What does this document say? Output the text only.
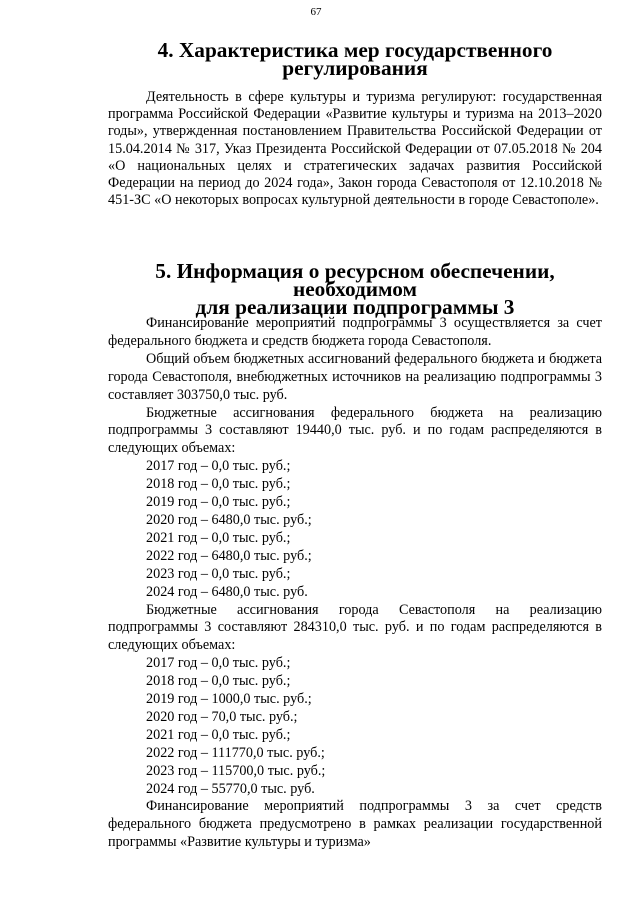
67
4. Характеристика мер государственного регулирования

Деятельность в сфере культуры и туризма регулируют: государственная программа Российской Федерации «Развитие культуры и туризма на 2013–2020 годы», утвержденная постановлением Правительства Российской Федерации от 15.04.2014 № 317, Указ Президента Российской Федерации от 07.05.2018 № 204 «О национальных целях и стратегических задачах развития Российской Федерации на период до 2024 года», Закон города Севастополя от 12.10.2018 № 451-ЗС «О некоторых вопросах культурной деятельности в городе Севастополе».

5. Информация о ресурсном обеспечении, необходимом
для реализации подпрограммы 3

Финансирование мероприятий подпрограммы 3 осуществляется за счет федерального бюджета и средств бюджета города Севастополя.

Общий объем бюджетных ассигнований федерального бюджета и бюджета города Севастополя, внебюджетных источников на реализацию подпрограммы 3 составляет 303750,0 тыс. руб.

Бюджетные ассигнования федерального бюджета на реализацию подпрограммы 3 составляют 19440,0 тыс. руб. и по годам распределяются в следующих объемах:

2017 год – 0,0 тыс. руб.;
2018 год – 0,0 тыс. руб.;
2019 год – 0,0 тыс. руб.;
2020 год – 6480,0 тыс. руб.;
2021 год – 0,0 тыс. руб.;
2022 год – 6480,0 тыс. руб.;
2023 год – 0,0 тыс. руб.;
2024 год – 6480,0 тыс. руб.

Бюджетные ассигнования города Севастополя на реализацию подпрограммы 3 составляют 284310,0 тыс. руб. и по годам распределяются в следующих объемах:

2017 год – 0,0 тыс. руб.;
2018 год – 0,0 тыс. руб.;
2019 год – 1000,0 тыс. руб.;
2020 год – 70,0 тыс. руб.;
2021 год – 0,0 тыс. руб.;
2022 год – 111770,0 тыс. руб.;
2023 год – 115700,0 тыс. руб.;
2024 год – 55770,0 тыс. руб.

Финансирование мероприятий подпрограммы 3 за счет средств федерального бюджета предусмотрено в рамках реализации государственной программы «Развитие культуры и туризма»
